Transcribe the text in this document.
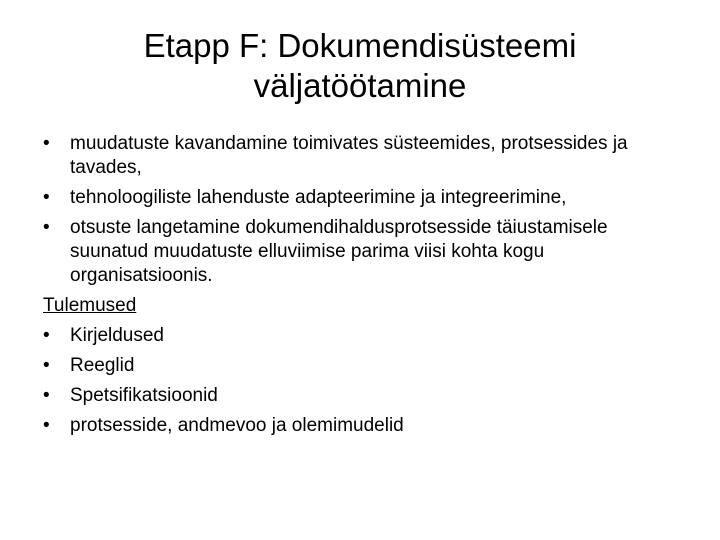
Etapp F: Dokumendisüsteemi
väljatöötamine
•	muudatuste kavandamine toimivates süsteemides, protsessides ja tavades,
•	tehnoloogiliste lahenduste adapteerimine ja integreerimine,
•	otsuste langetamine dokumendihaldusprotsesside täiustamisele suunatud muudatuste elluviimise parima viisi kohta kogu organisatsioonis.
Tulemused
•	Kirjeldused
•	Reeglid
•	Spetsifikatsioonid
•	protsesside, andmevoo ja olemimudelid
